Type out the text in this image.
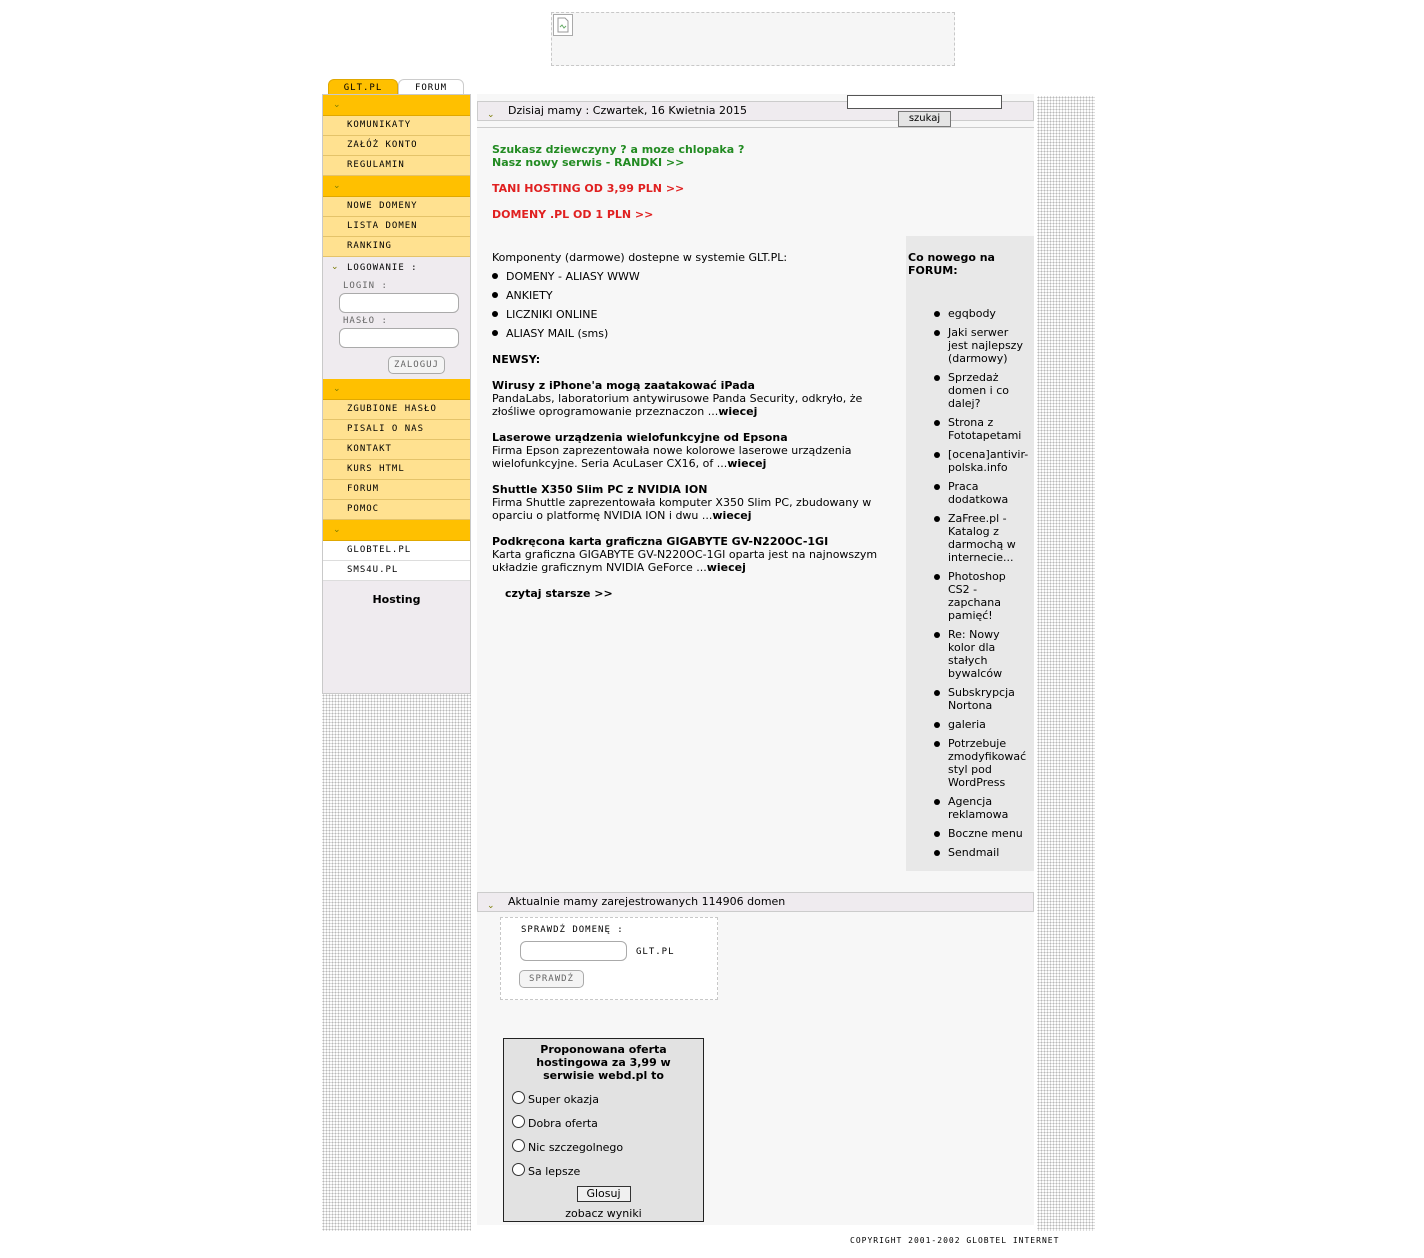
GLT.PL	FORUM
⌄
KOMUNIKATY
ZAŁÓŻ KONTO
REGULAMIN
⌄
NOWE DOMENY
LISTA DOMEN
RANKING
⌄ LOGOWANIE :
LOGIN :
HASŁO :
ZALOGUJ
⌄
ZGUBIONE HASŁO
PISALI O NAS
KONTAKT
KURS HTML
FORUM
POMOC
⌄
GLOBTEL.PL
SMS4U.PL
Hosting
⌄ Dzisiaj mamy : Czwartek, 16 Kwietnia 2015
szukaj
Szukasz dziewczyny ? a moze chlopaka ?
Nasz nowy serwis - RANDKI >>
TANI HOSTING OD 3,99 PLN >>
DOMENY .PL OD 1 PLN >>
Komponenty (darmowe) dostepne w systemie GLT.PL:
DOMENY - ALIASY WWW
ANKIETY
LICZNIKI ONLINE
ALIASY MAIL (sms)
NEWSY:
Wirusy z iPhone'a mogą zaatakować iPada
PandaLabs, laboratorium antywirusowe Panda Security, odkryło, że złośliwe oprogramowanie przeznaczon ...wiecej
Laserowe urządzenia wielofunkcyjne od Epsona
Firma Epson zaprezentowała nowe kolorowe laserowe urządzenia wielofunkcyjne. Seria AcuLaser CX16, of ...wiecej
Shuttle X350 Slim PC z NVIDIA ION
Firma Shuttle zaprezentowała komputer X350 Slim PC, zbudowany w oparciu o platformę NVIDIA ION i dwu ...wiecej
Podkręcona karta graficzna GIGABYTE GV-N220OC-1GI
Karta graficzna GIGABYTE GV-N220OC-1GI oparta jest na najnowszym układzie graficznym NVIDIA GeForce ...wiecej
czytaj starsze >>
Co nowego na FORUM:
egqbody
Jaki serwer jest najlepszy (darmowy)
Sprzedaż domen i co dalej?
Strona z Fototapetami
[ocena]antivir-polska.info
Praca dodatkowa
ZaFree.pl - Katalog z darmochą w internecie...
Photoshop CS2 - zapchana pamięć!
Re: Nowy kolor dla stałych bywalców
Subskrypcja Nortona
galeria
Potrzebuje zmodyfikować styl pod WordPress
Agencja reklamowa
Boczne menu
Sendmail
⌄ Aktualnie mamy zarejestrowanych 114906 domen
SPRAWDŹ DOMENĘ :
GLT.PL
SPRAWDŹ
Proponowana oferta hostingowa za 3,99 w serwisie webd.pl to
Super okazja
Dobra oferta
Nic szczegolnego
Sa lepsze
Glosuj
zobacz wyniki
COPYRIGHT 2001-2002 GLOBTEL INTERNET
